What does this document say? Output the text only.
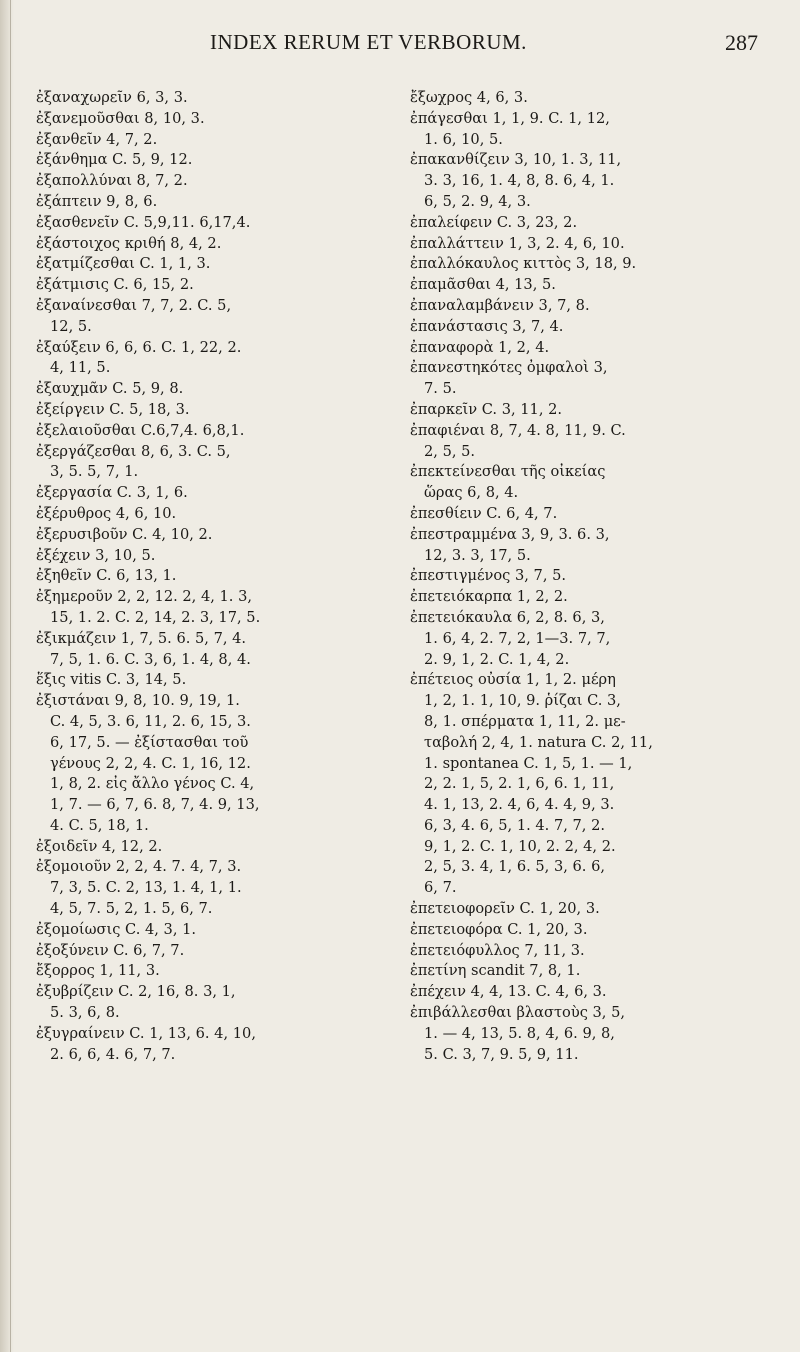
INDEX RERUM ET VERBORUM.	287
ἐξαναχωρεῖν 6, 3, 3.
ἐξανεμοῦσθαι 8, 10, 3.
ἐξανθεῖν 4, 7, 2.
ἐξάνθημα C. 5, 9, 12.
ἐξαπολλύναι 8, 7, 2.
ἐξάπτειν 9, 8, 6.
ἐξασθενεῖν C. 5,9,11. 6,17,4.
ἐξάστοιχος κριθή 8, 4, 2.
ἐξατμίζεσθαι C. 1, 1, 3.
ἐξάτμισις C. 6, 15, 2.
ἐξαναίνεσθαι 7, 7, 2. C. 5,
12, 5.
ἐξαύξειν 6, 6, 6. C. 1, 22, 2.
4, 11, 5.
ἐξαυχμᾶν C. 5, 9, 8.
ἐξείργειν C. 5, 18, 3.
ἐξελαιοῦσθαι C.6,7,4. 6,8,1.
ἐξεργάζεσθαι 8, 6, 3. C. 5,
3, 5. 5, 7, 1.
ἐξεργασία C. 3, 1, 6.
ἐξέρυθρος 4, 6, 10.
ἐξερυσιβοῦν C. 4, 10, 2.
ἐξέχειν 3, 10, 5.
ἐξηθεῖν C. 6, 13, 1.
ἐξημεροῦν 2, 2, 12. 2, 4, 1. 3,
15, 1. 2. C. 2, 14, 2. 3, 17, 5.
ἐξικμάζειν 1, 7, 5. 6. 5, 7, 4.
7, 5, 1. 6. C. 3, 6, 1. 4, 8, 4.
ἕξις vitis C. 3, 14, 5.
ἐξιστάναι 9, 8, 10. 9, 19, 1.
C. 4, 5, 3. 6, 11, 2. 6, 15, 3.
6, 17, 5. — ἐξίστασθαι τοῦ
γένους 2, 2, 4. C. 1, 16, 12.
1, 8, 2. εἰς ἄλλο γένος C. 4,
1, 7. — 6, 7, 6. 8, 7, 4. 9, 13,
4. C. 5, 18, 1.
ἐξοιδεῖν 4, 12, 2.
ἐξομοιοῦν 2, 2, 4. 7. 4, 7, 3.
7, 3, 5. C. 2, 13, 1. 4, 1, 1.
4, 5, 7. 5, 2, 1. 5, 6, 7.
ἐξομοίωσις C. 4, 3, 1.
ἐξοξύνειν C. 6, 7, 7.
ἔξορρος 1, 11, 3.
ἐξυβρίζειν C. 2, 16, 8. 3, 1,
5. 3, 6, 8.
ἐξυγραίνειν C. 1, 13, 6. 4, 10,
2. 6, 6, 4. 6, 7, 7.
ἔξωχρος 4, 6, 3.
ἐπάγεσθαι 1, 1, 9. C. 1, 12,
1. 6, 10, 5.
ἐπακανθίζειν 3, 10, 1. 3, 11,
3. 3, 16, 1. 4, 8, 8. 6, 4, 1.
6, 5, 2. 9, 4, 3.
ἐπαλείφειν C. 3, 23, 2.
ἐπαλλάττειν 1, 3, 2. 4, 6, 10.
ἐπαλλόκαυλος κιττὸς 3, 18, 9.
ἐπαμᾶσθαι 4, 13, 5.
ἐπαναλαμβάνειν 3, 7, 8.
ἐπανάστασις 3, 7, 4.
ἐπαναφορὰ 1, 2, 4.
ἐπανεστηκότες ὀμφαλοὶ 3,
7. 5.
ἐπαρκεῖν C. 3, 11, 2.
ἐπαφιέναι 8, 7, 4. 8, 11, 9. C.
2, 5, 5.
ἐπεκτείνεσθαι τῆς οἰκείας
ὥρας 6, 8, 4.
ἐπεσθίειν C. 6, 4, 7.
ἐπεστραμμένα 3, 9, 3. 6. 3,
12, 3. 3, 17, 5.
ἐπεστιγμένος 3, 7, 5.
ἐπετειόκαρπα 1, 2, 2.
ἐπετειόκαυλα 6, 2, 8. 6, 3,
1. 6, 4, 2. 7, 2, 1—3. 7, 7,
2. 9, 1, 2. C. 1, 4, 2.
ἐπέτειος οὐσία 1, 1, 2. μέρη
1, 2, 1. 1, 10, 9. ῥίζαι C. 3,
8, 1. σπέρματα 1, 11, 2. με-
ταβολή 2, 4, 1. natura C. 2, 11,
1. spontanea C. 1, 5, 1. — 1,
2, 2. 1, 5, 2. 1, 6, 6. 1, 11,
4. 1, 13, 2. 4, 6, 4. 4, 9, 3.
6, 3, 4. 6, 5, 1. 4. 7, 7, 2.
9, 1, 2. C. 1, 10, 2. 2, 4, 2.
2, 5, 3. 4, 1, 6. 5, 3, 6. 6,
6, 7.
ἐπετειοφορεῖν C. 1, 20, 3.
ἐπετειοφόρα C. 1, 20, 3.
ἐπετειόφυλλος 7, 11, 3.
ἐπετίνη scandit 7, 8, 1.
ἐπέχειν 4, 4, 13. C. 4, 6, 3.
ἐπιβάλλεσθαι βλαστοὺς 3, 5,
1. — 4, 13, 5. 8, 4, 6. 9, 8,
5. C. 3, 7, 9. 5, 9, 11.
